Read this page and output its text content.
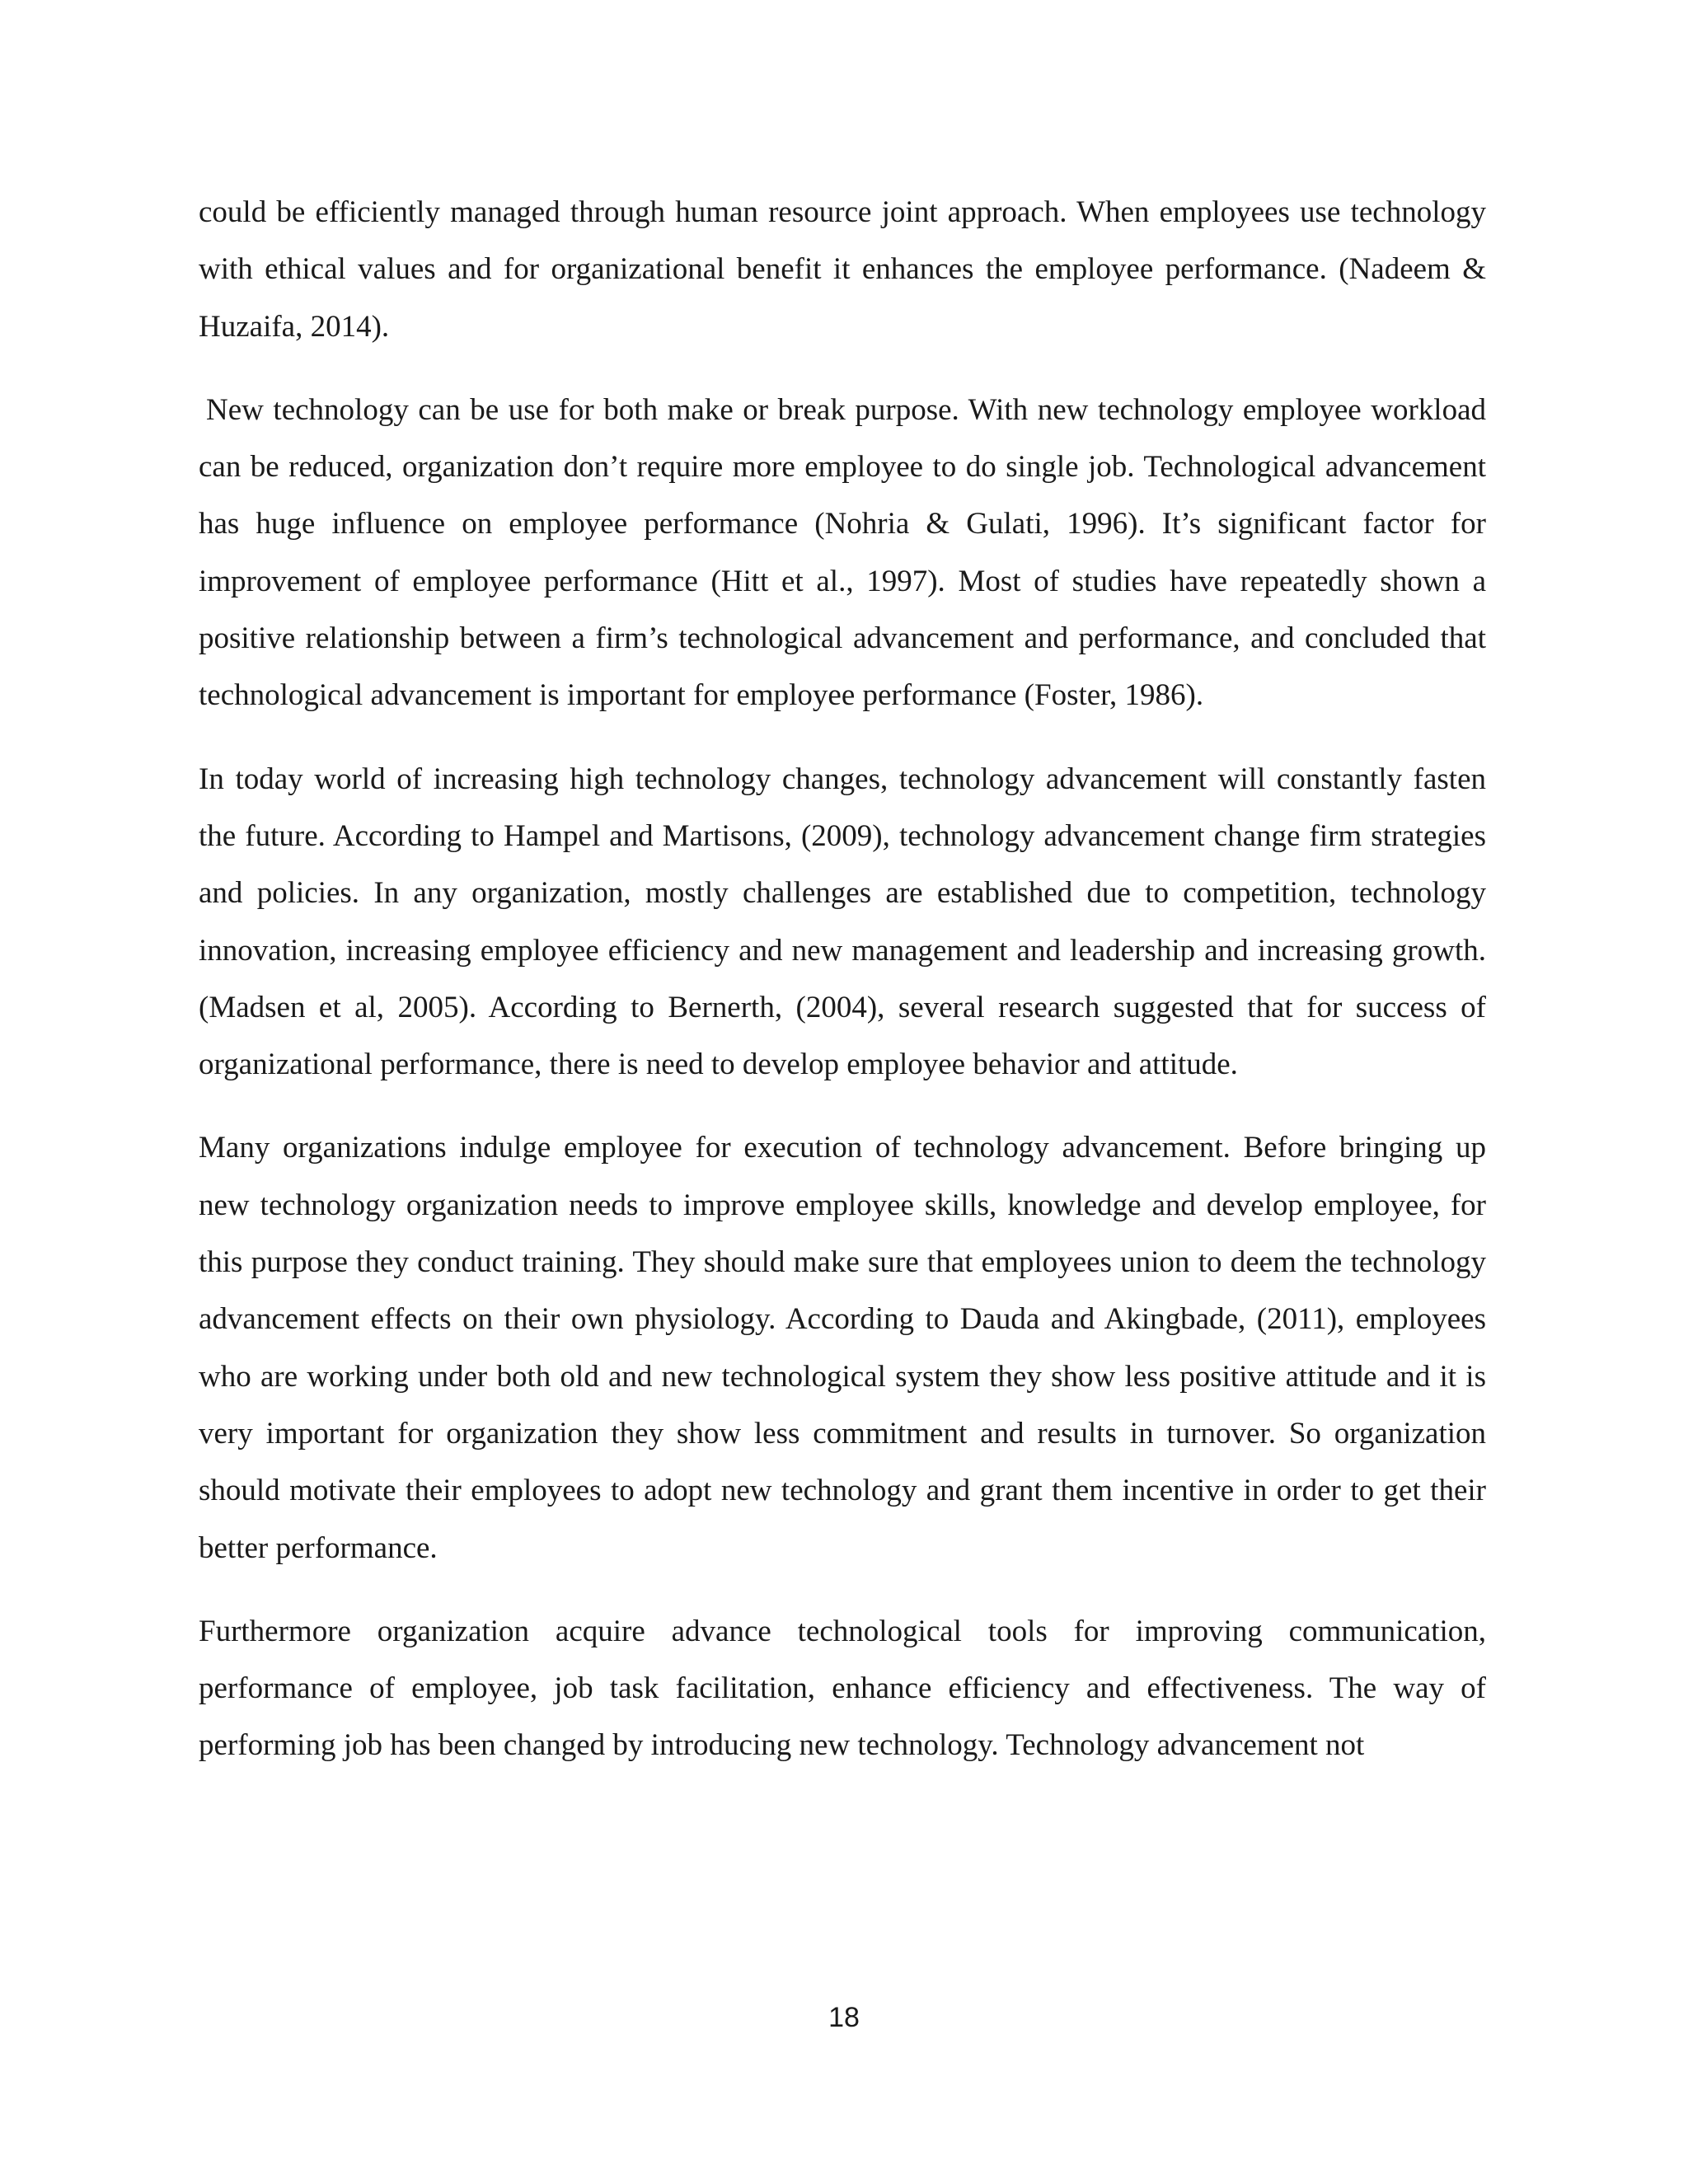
could be efficiently managed through human resource joint approach. When employees use technology with ethical values and for organizational benefit it enhances the employee performance. (Nadeem & Huzaifa, 2014).

New technology can be use for both make or break purpose. With new technology employee workload can be reduced, organization don’t require more employee to do single job. Technological advancement has huge influence on employee performance (Nohria & Gulati, 1996). It’s significant factor for improvement of employee performance (Hitt et al., 1997). Most of studies have repeatedly shown a positive relationship between a firm’s technological advancement and performance, and concluded that technological advancement is important for employee performance (Foster, 1986).

In today world of increasing high technology changes, technology advancement will constantly fasten the future. According to Hampel and Martisons, (2009), technology advancement change firm strategies and policies. In any organization, mostly challenges are established due to competition, technology innovation, increasing employee efficiency and new management and leadership and increasing growth. (Madsen et al, 2005). According to Bernerth, (2004), several research suggested that for success of organizational performance, there is need to develop employee behavior and attitude.

Many organizations indulge employee for execution of technology advancement. Before bringing up new technology organization needs to improve employee skills, knowledge and develop employee, for this purpose they conduct training. They should make sure that employees union to deem the technology advancement effects on their own physiology. According to Dauda and Akingbade, (2011), employees who are working under both old and new technological system they show less positive attitude and it is very important for organization they show less commitment and results in turnover. So organization should motivate their employees to adopt new technology and grant them incentive in order to get their better performance.

Furthermore organization acquire advance technological tools for improving communication, performance of employee, job task facilitation, enhance efficiency and effectiveness. The way of performing job has been changed by introducing new technology. Technology advancement not

18
